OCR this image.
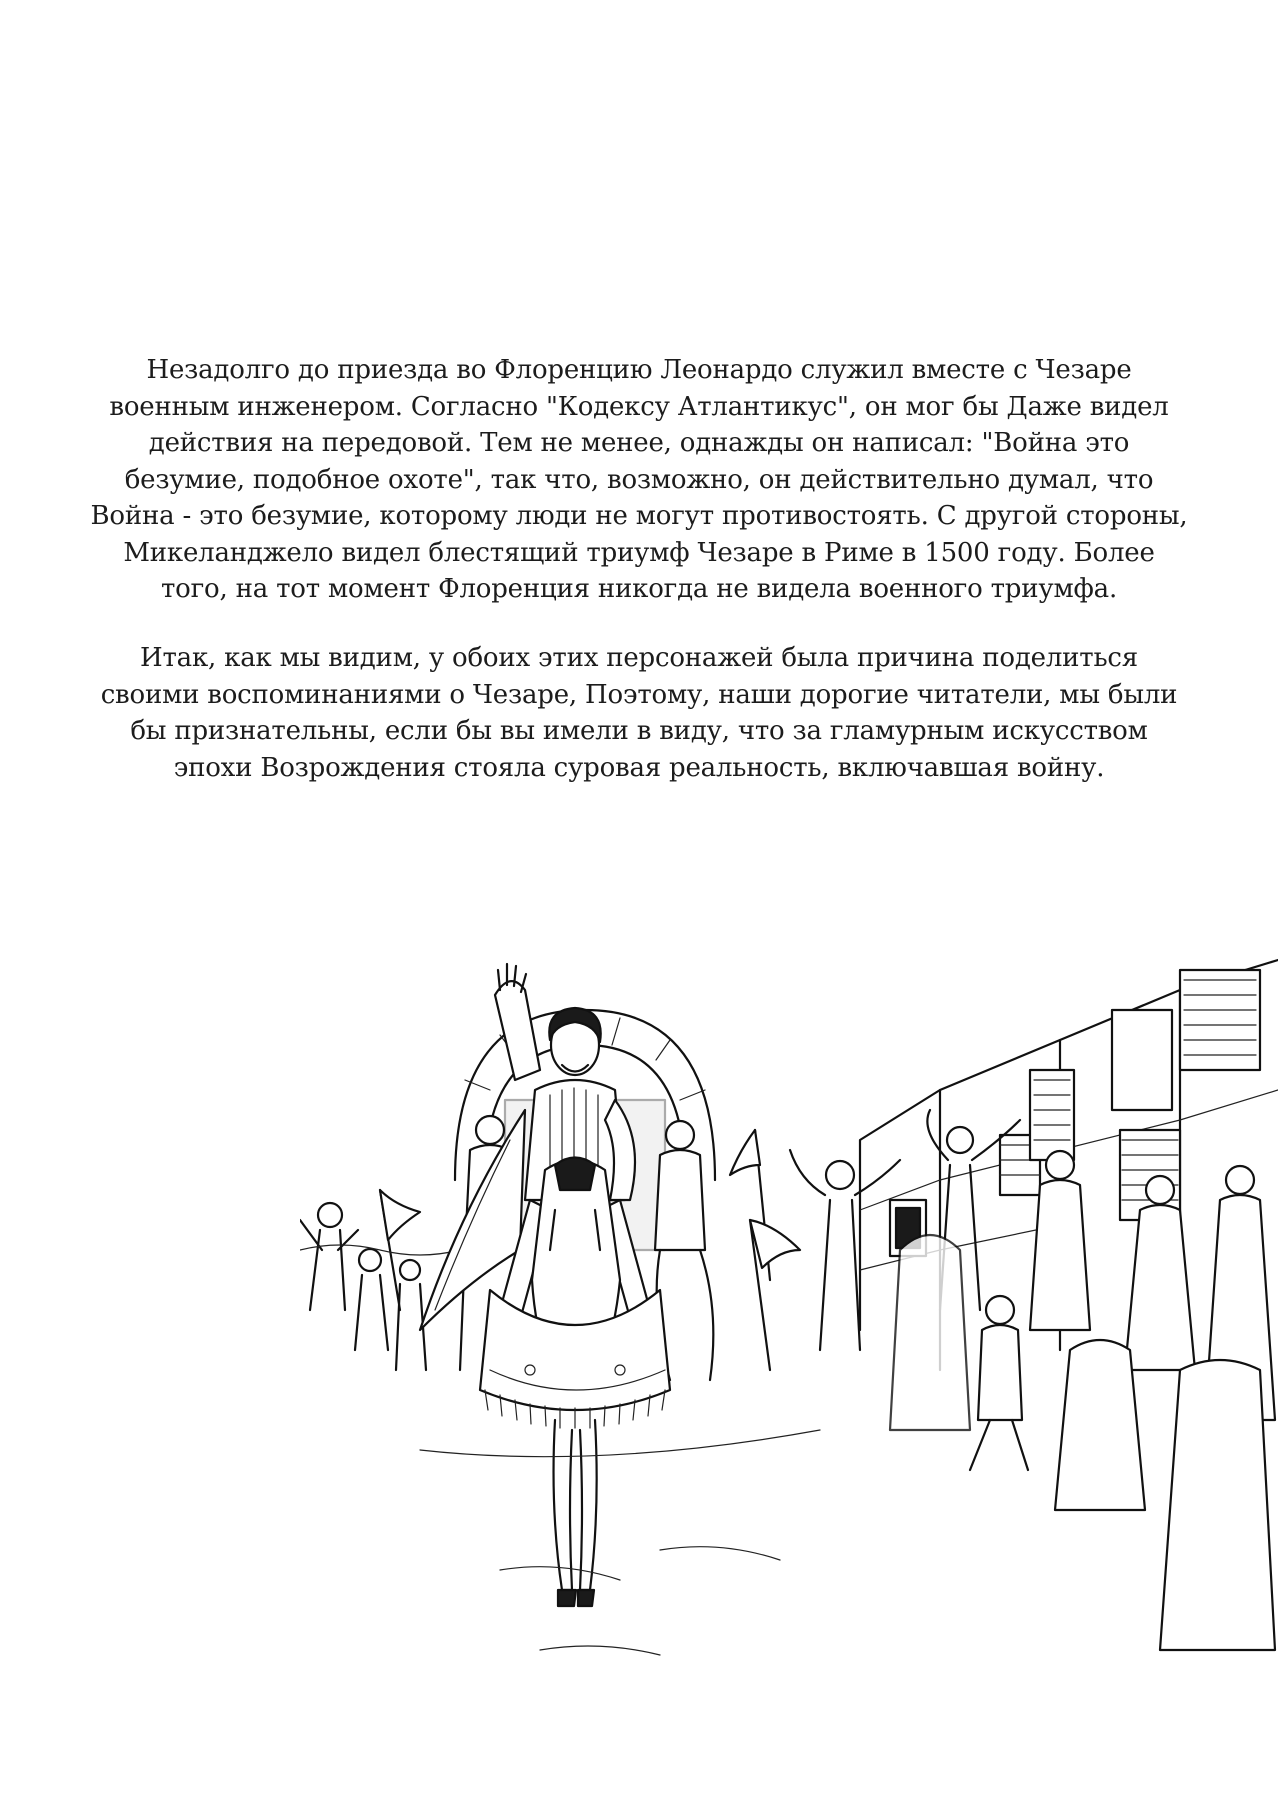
Незадолго до приезда во Флоренцию Леонардо служил вместе с Чезаре
военным инженером. Согласно "Кодексу Атлантикус", он мог бы Даже видел
действия на передовой. Тем не менее, однажды он написал: "Война это
безумие, подобное охоте", так что, возможно, он действительно думал, что
Война - это безумие, которому люди не могут противостоять. С другой стороны,
Микеланджело видел блестящий триумф Чезаре в Риме в 1500 году. Более
того, на тот момент Флоренция никогда не видела военного триумфа.
Итак, как мы видим, у обоих этих персонажей была причина поделиться
своими воспоминаниями о Чезаре, Поэтому, наши дорогие читатели, мы были
бы признательны, если бы вы имели в виду, что за гламурным искусством
эпохи Возрождения стояла суровая реальность, включавшая войну.
